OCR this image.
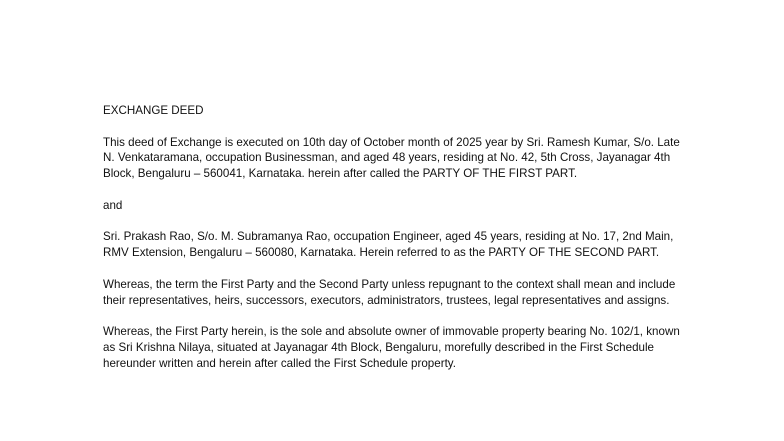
EXCHANGE DEED

This deed of Exchange is executed on 10th day of October month of 2025 year by Sri. Ramesh Kumar, S/o. Late N. Venkataramana, occupation Businessman, and aged 48 years, residing at No. 42, 5th Cross, Jayanagar 4th Block, Bengaluru – 560041, Karnataka. herein after called the PARTY OF THE FIRST PART.

and

Sri. Prakash Rao, S/o. M. Subramanya Rao, occupation Engineer, aged 45 years, residing at No. 17, 2nd Main, RMV Extension, Bengaluru – 560080, Karnataka. Herein referred to as the PARTY OF THE SECOND PART.

Whereas, the term the First Party and the Second Party unless repugnant to the context shall mean and include their representatives, heirs, successors, executors, administrators, trustees, legal representatives and assigns.

Whereas, the First Party herein, is the sole and absolute owner of immovable property bearing No. 102/1, known as Sri Krishna Nilaya, situated at Jayanagar 4th Block, Bengaluru, morefully described in the First Schedule hereunder written and herein after called the First Schedule property.
